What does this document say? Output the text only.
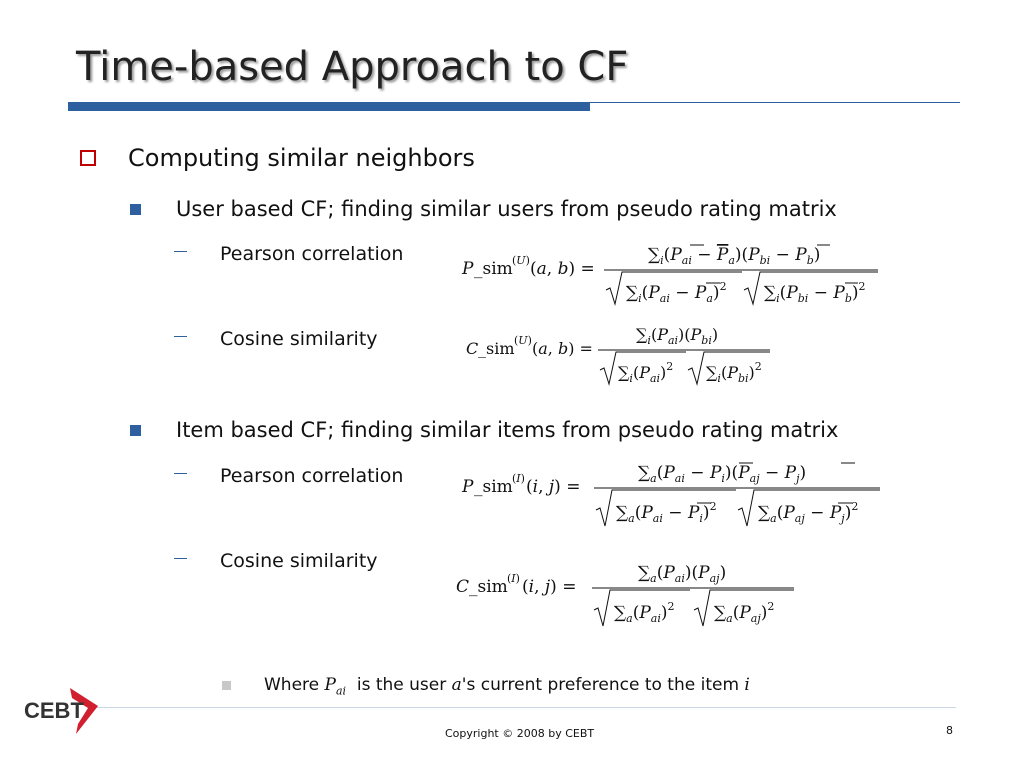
Time-based Approach to CF
Computing similar neighbors
User based CF; finding similar users from pseudo rating matrix
Pearson correlation
P _sim (U) (a, b) =
$\sum_i(P_{ai} - P_a)(P_{bi} - P_b)$
$\sum_i(P_{ai} - P_a)^2$ $\sum_i(P_{bi} - P_b)^2$
Cosine similarity	C _sim (U) (a, b) =
$\sum_i(P_{ai})(P_{bi})$
$\sum_i(P_{ai})^2$ $\sum_i(P_{bi})^2$
Item based CF; finding similar items from pseudo rating matrix
Pearson correlation	P _sim (I) (i, j) =
$\sum_a(P_{ai} - P_i)(P_{aj} - P_j)$
$\sum_a(P_{ai} - P_i)^2$ $\sum_a(P_{aj} - P_j)^2$
Cosine similarity
C _sim (I) (i, j) =
$\sum_a(P_{ai})(P_{aj})$
$\sum_a(P_{ai})^2$ $\sum_a(P_{aj})^2$
Where $P_{ai}$ is the user a's current preference to the item i
CEBT
Copyright © 2008 by CEBT	8
